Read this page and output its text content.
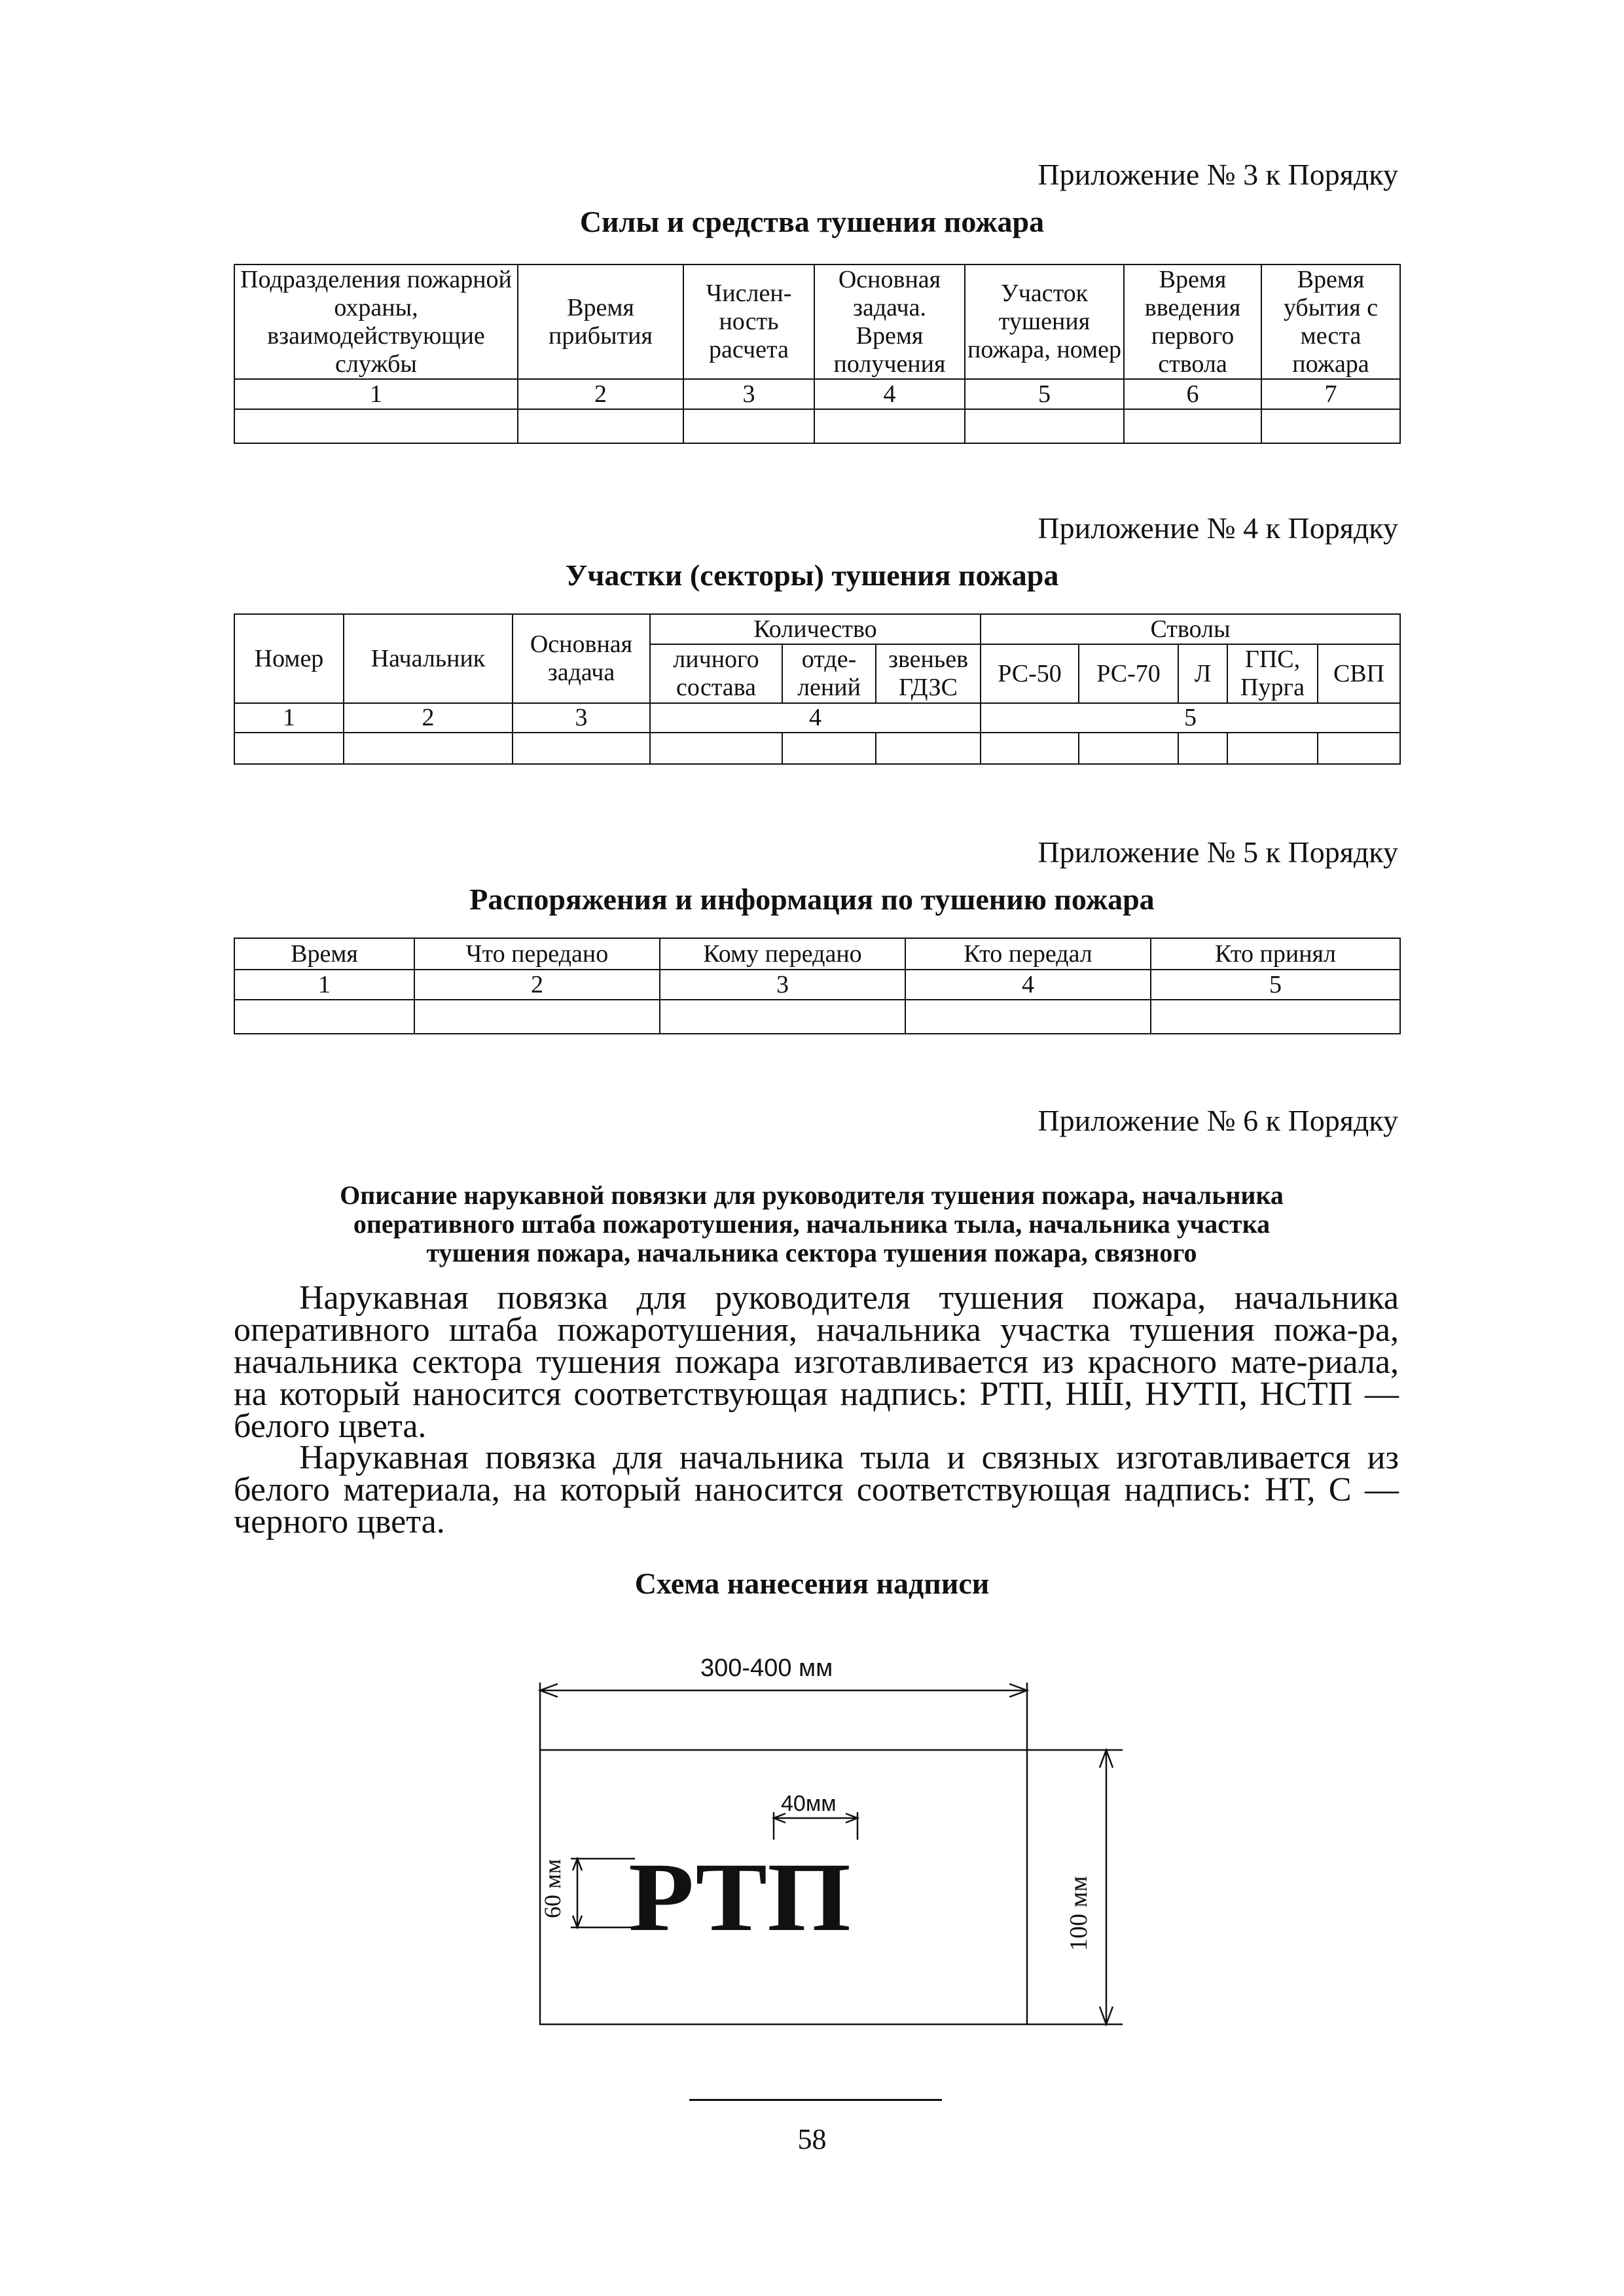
Приложение № 3 к Порядку
Силы и средства тушения пожара
Подразделения пожарной охраны, взаимодействующие службы	Время прибытия	Числен-ность расчета	Основная задача. Время получения	Участок тушения пожара, номер	Время введения первого ствола	Время убытия с места пожара
1	2	3	4	5	6	7

Приложение № 4 к Порядку
Участки (секторы) тушения пожара
Номер	Начальник	Основная задача	Количество			Стволы				
			личного состава	отде-лений	звеньев ГДЗС	РС-50	РС-70	Л	ГПС, Пурга	СВП
1	2	3	4			5				

Приложение № 5 к Порядку
Распоряжения и информация по тушению пожара
Время	Что передано	Кому передано	Кто передал	Кто принял
1	2	3	4	5

Приложение № 6 к Порядку
Описание нарукавной повязки для руководителя тушения пожара, начальника
оперативного штаба пожаротушения, начальника тыла, начальника участка
тушения пожара, начальника сектора тушения пожара, связного

Нарукавная повязка для руководителя тушения пожара, начальника оперативного штаба пожаротушения, начальника участка тушения пожа-ра, начальника сектора тушения пожара изготавливается из красного мате-риала, на который наносится соответствующая надпись: РТП, НШ, НУТП, НСТП — белого цвета.

Нарукавная повязка для начальника тыла и связных изготавливается из белого материала, на который наносится соответствующая надпись: НТ, С — черного цвета.

Схема нанесения надписи
300-400 мм
40мм
60 мм	100 мм
РТП
58
